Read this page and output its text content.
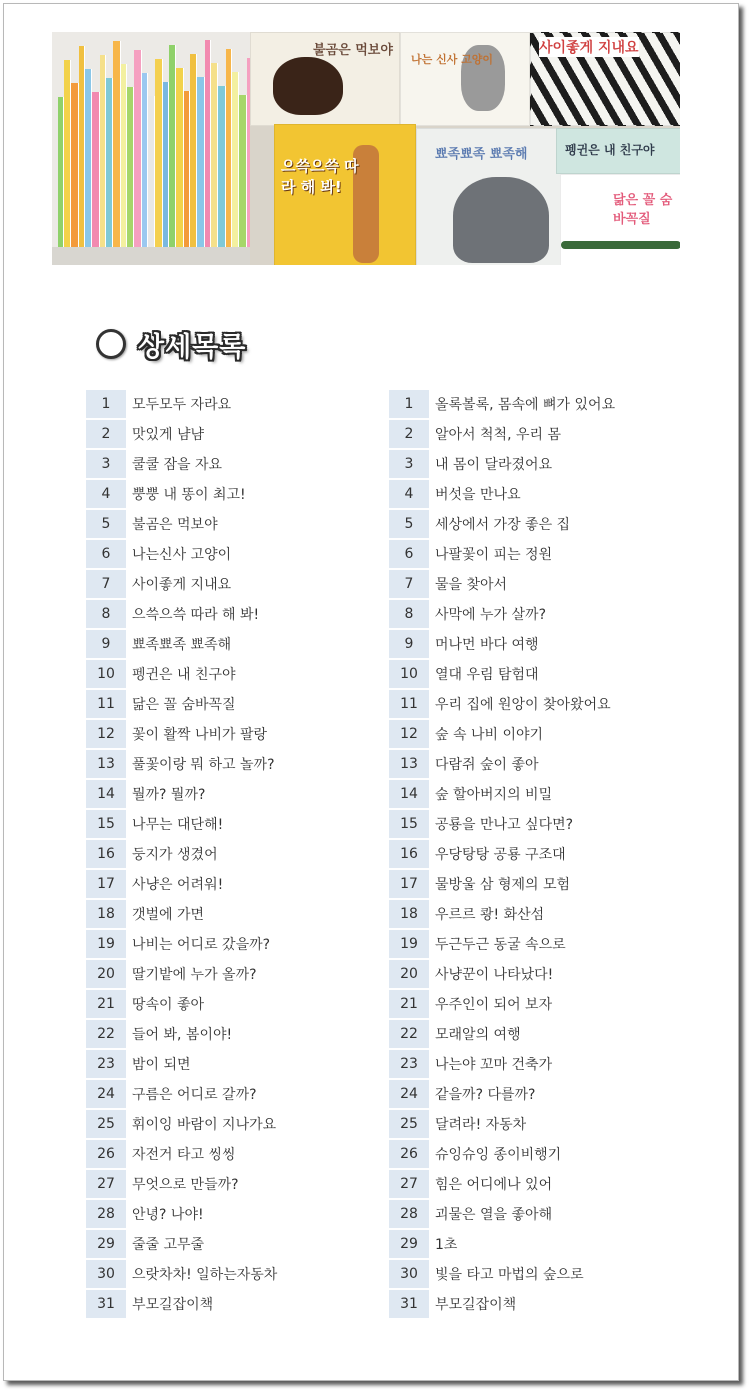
불곰은 먹보야
나는 신사 고양이
사이좋게 지내요
으쓱으쓱 따라 해 봐!
뾰족뾰족 뾰족해	펭귄은 내 친구야
닮은 꼴 숨바꼭질
상세목록
1	모두모두 자라요
2	맛있게 냠냠
3	쿨쿨 잠을 자요
4	뿡뿡 내 똥이 최고!
5	불곰은 먹보야
6	나는신사 고양이
7	사이좋게 지내요
8	으쓱으쓱 따라 해 봐!
9	뾰족뾰족 뾰족해
10	펭귄은 내 친구야
11	닮은 꼴 숨바꼭질
12	꽃이 활짝 나비가 팔랑
13	풀꽃이랑 뭐 하고 놀까?
14	뭘까? 뭘까?
15	나무는 대단해!
16	둥지가 생겼어
17	사냥은 어려워!
18	갯벌에 가면
19	나비는 어디로 갔을까?
20	딸기밭에 누가 올까?
21	땅속이 좋아
22	들어 봐, 봄이야!
23	밤이 되면
24	구름은 어디로 갈까?
25	휘이잉 바람이 지나가요
26	자전거 타고 씽씽
27	무엇으로 만들까?
28	안녕? 나야!
29	줄줄 고무줄
30	으랏차차! 일하는자동차
31	부모길잡이책
1	올록볼록, 몸속에 뼈가 있어요
2	알아서 척척, 우리 몸
3	내 몸이 달라졌어요
4	버섯을 만나요
5	세상에서 가장 좋은 집
6	나팔꽃이 피는 정원
7	물을 찾아서
8	사막에 누가 살까?
9	머나먼 바다 여행
10	열대 우림 탐험대
11	우리 집에 원앙이 찾아왔어요
12	숲 속 나비 이야기
13	다람쥐 숲이 좋아
14	숲 할아버지의 비밀
15	공룡을 만나고 싶다면?
16	우당탕탕 공룡 구조대
17	물방울 삼 형제의 모험
18	우르르 쾅! 화산섬
19	두근두근 동굴 속으로
20	사냥꾼이 나타났다!
21	우주인이 되어 보자
22	모래알의 여행
23	나는야 꼬마 건축가
24	같을까? 다를까?
25	달려라! 자동차
26	슈잉슈잉 종이비행기
27	힘은 어디에나 있어
28	괴물은 열을 좋아해
29	1초
30	빛을 타고 마법의 숲으로
31	부모길잡이책
